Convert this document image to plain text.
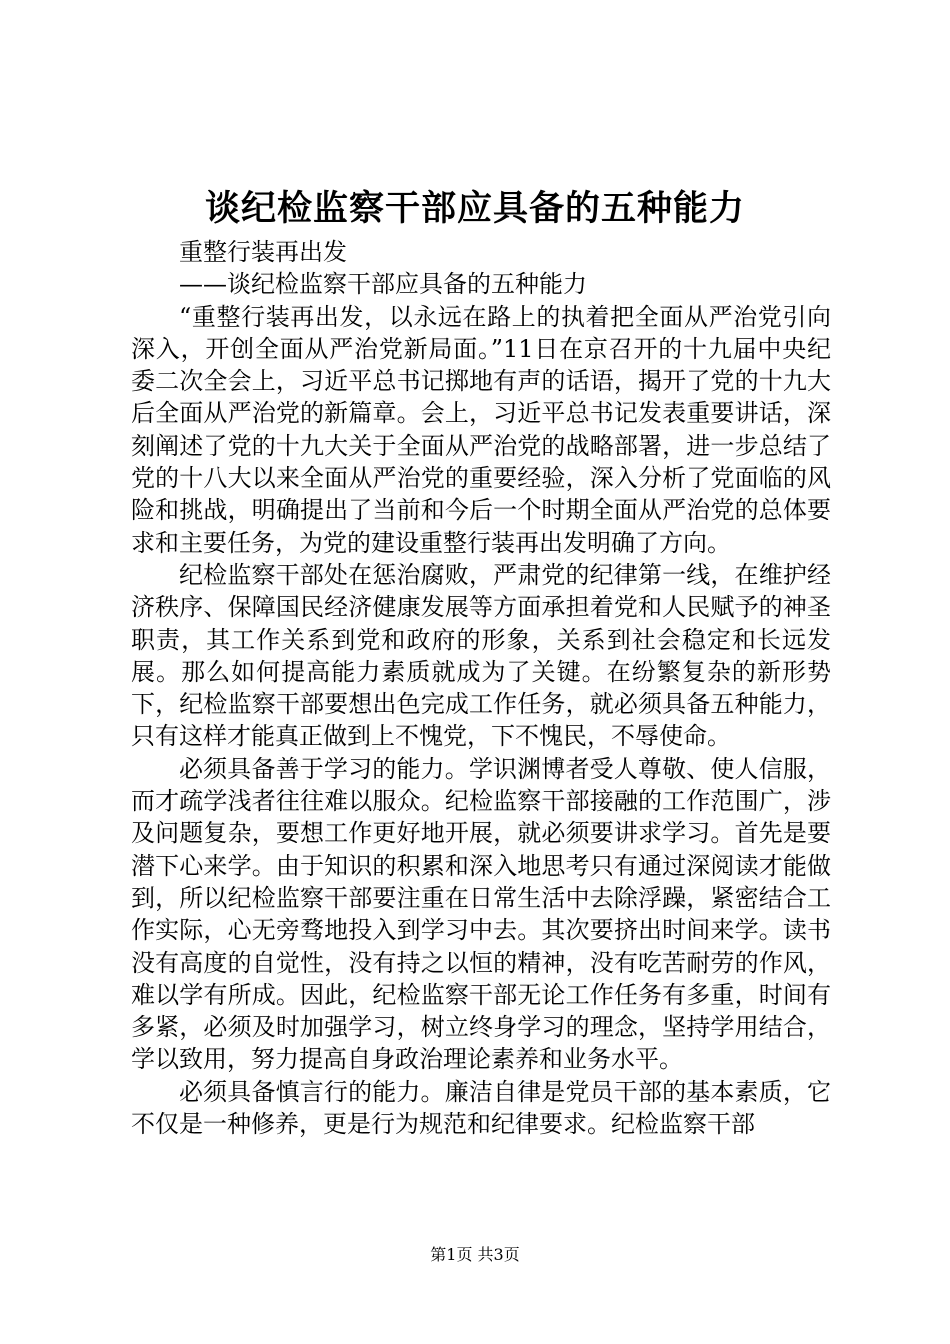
谈纪检监察干部应具备的五种能力

重整行装再出发

——谈纪检监察干部应具备的五种能力

“重整行装再出发，以永远在路上的执着把全面从严治党引向深入，开创全面从严治党新局面。”11日在京召开的十九届中央纪委二次全会上，习近平总书记掷地有声的话语，揭开了党的十九大后全面从严治党的新篇章。会上，习近平总书记发表重要讲话，深刻阐述了党的十九大关于全面从严治党的战略部署，进一步总结了党的十八大以来全面从严治党的重要经验，深入分析了党面临的风险和挑战，明确提出了当前和今后一个时期全面从严治党的总体要求和主要任务，为党的建设重整行装再出发明确了方向。

纪检监察干部处在惩治腐败，严肃党的纪律第一线，在维护经济秩序、保障国民经济健康发展等方面承担着党和人民赋予的神圣职责，其工作关系到党和政府的形象，关系到社会稳定和长远发展。那么如何提高能力素质就成为了关键。在纷繁复杂的新形势下，纪检监察干部要想出色完成工作任务，就必须具备五种能力，只有这样才能真正做到上不愧党，下不愧民，不辱使命。

必须具备善于学习的能力。学识渊博者受人尊敬、使人信服，而才疏学浅者往往难以服众。纪检监察干部接融的工作范围广，涉及问题复杂，要想工作更好地开展，就必须要讲求学习。首先是要潜下心来学。由于知识的积累和深入地思考只有通过深阅读才能做到，所以纪检监察干部要注重在日常生活中去除浮躁，紧密结合工作实际，心无旁骛地投入到学习中去。其次要挤出时间来学。读书没有高度的自觉性，没有持之以恒的精神，没有吃苦耐劳的作风，难以学有所成。因此，纪检监察干部无论工作任务有多重，时间有多紧，必须及时加强学习，树立终身学习的理念，坚持学用结合，学以致用，努力提高自身政治理论素养和业务水平。

必须具备慎言行的能力。廉洁自律是党员干部的基本素质，它不仅是一种修养，更是行为规范和纪律要求。纪检监察干部

第1页 共3页
